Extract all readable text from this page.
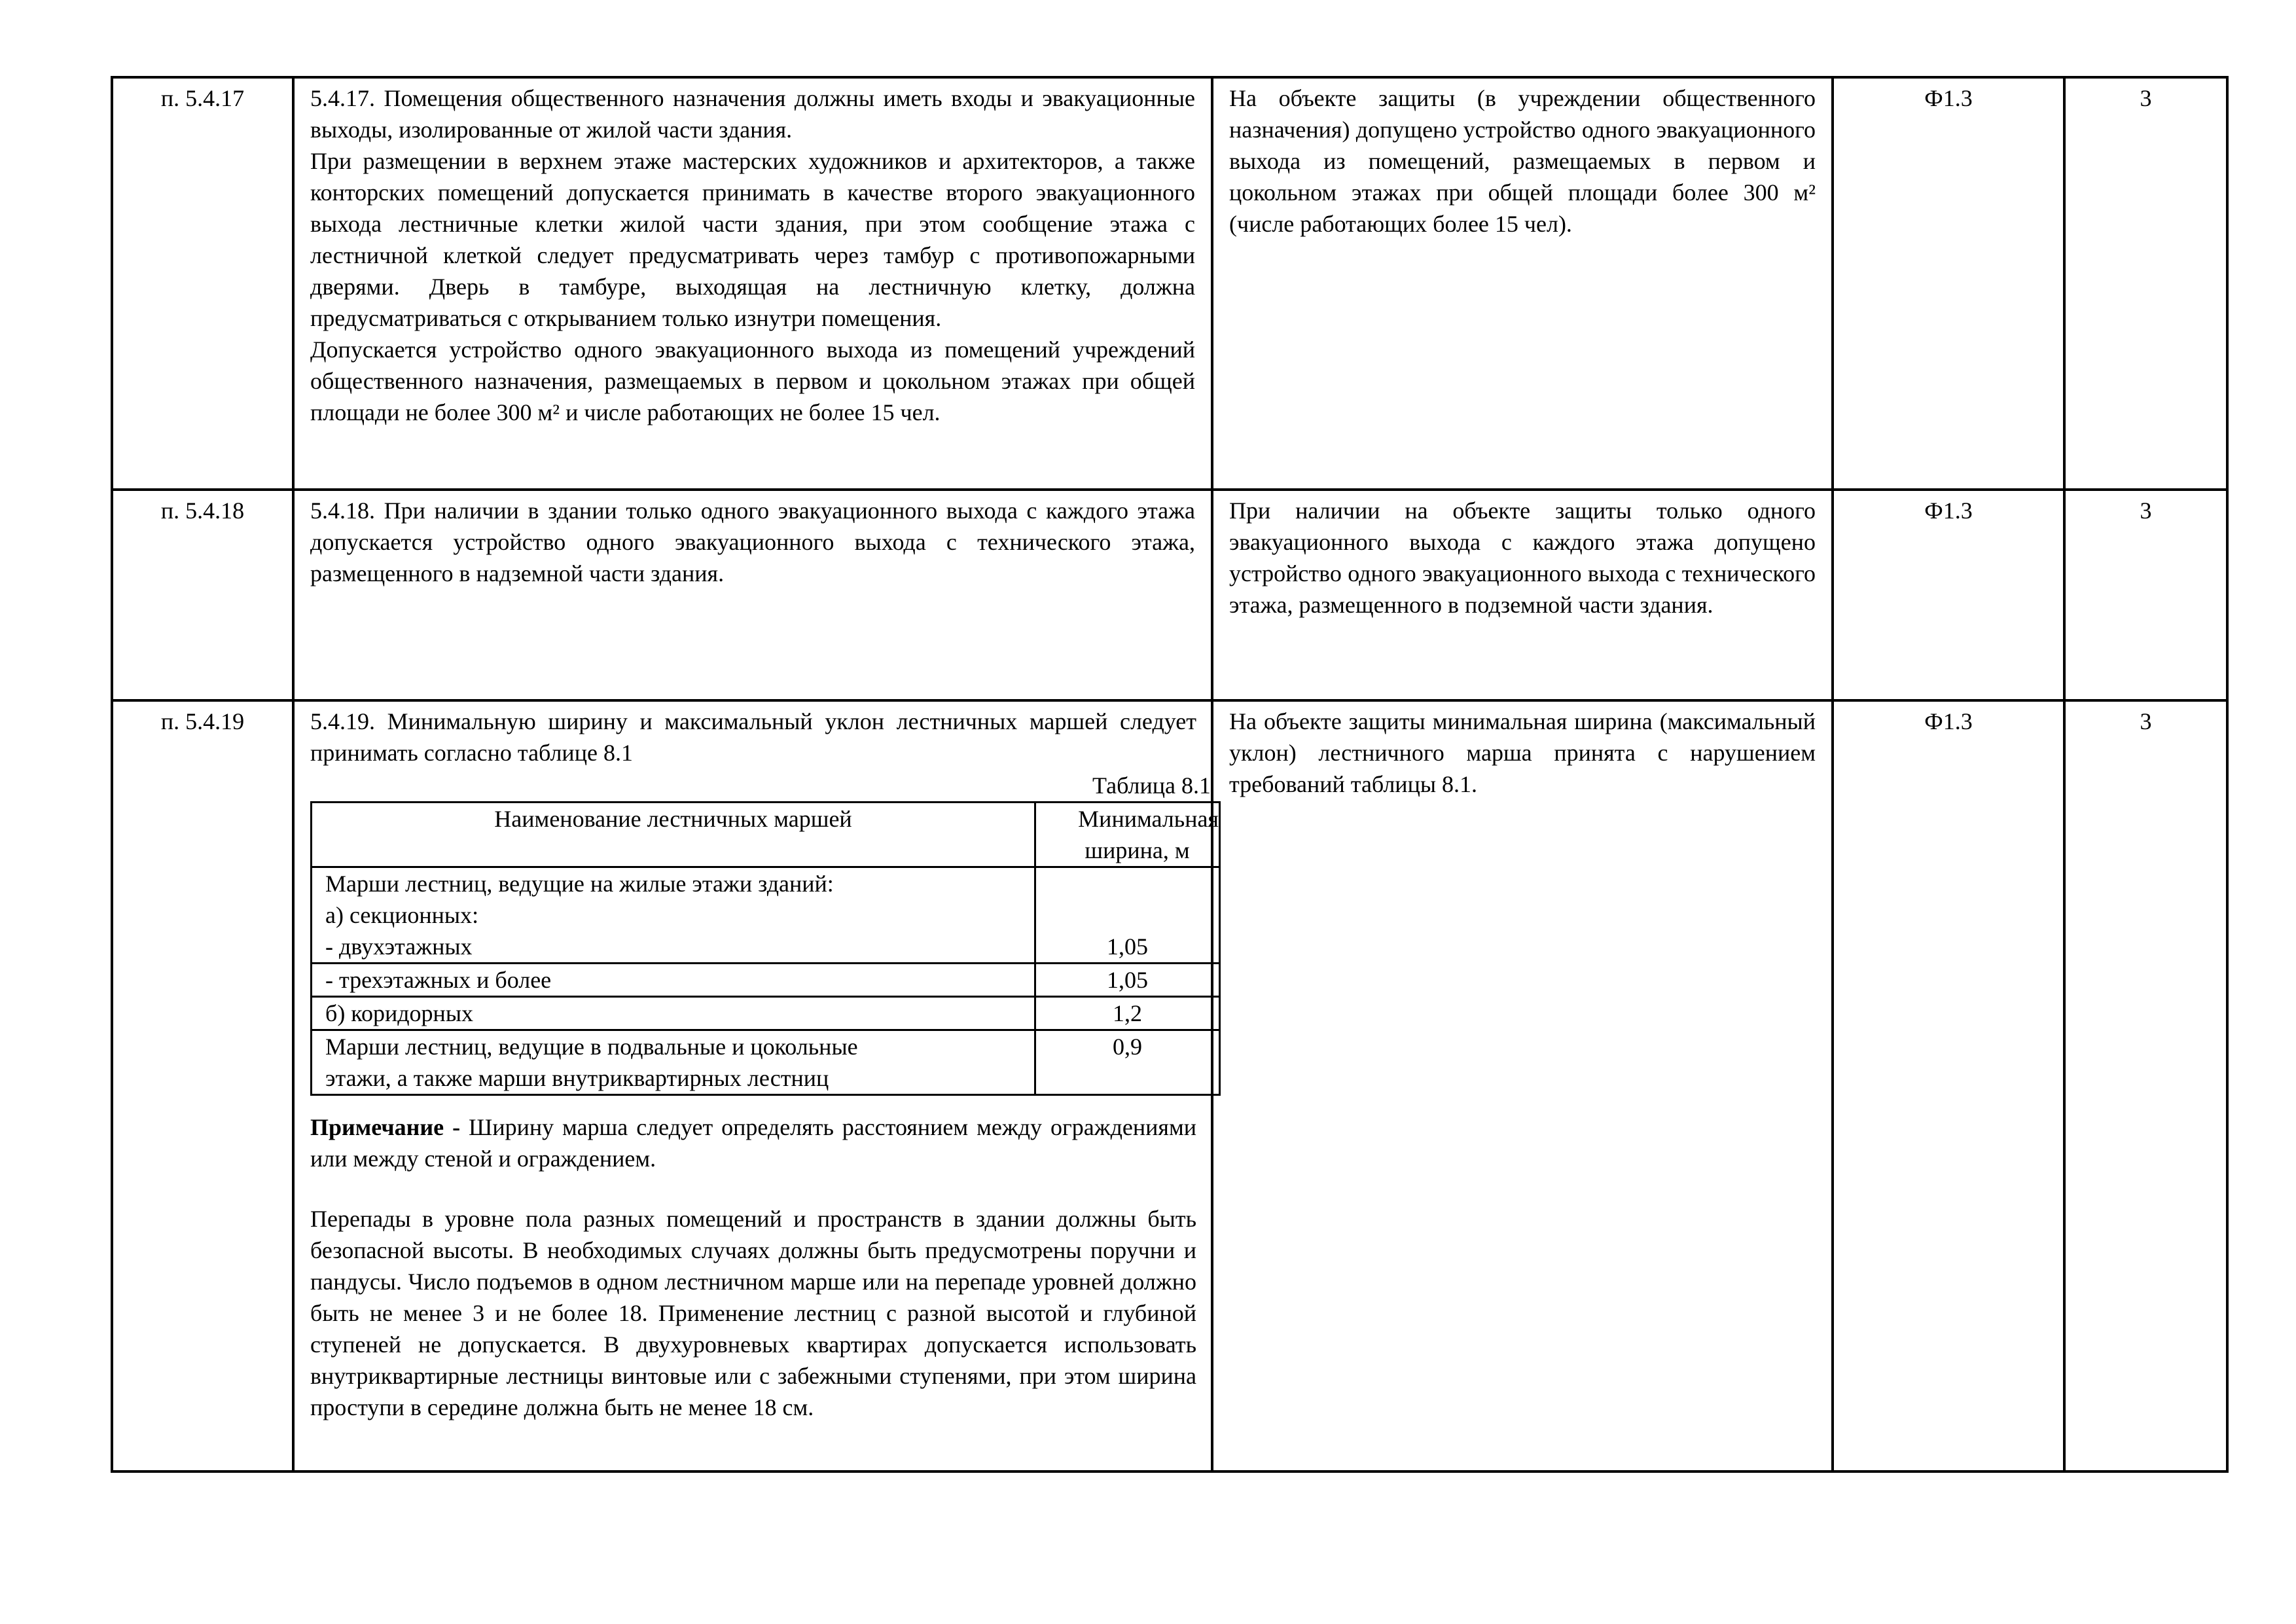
п. 5.4.17	5.4.17. Помещения общественного назначения должны иметь входы и эвакуационные выходы, изолированные от жилой части здания.
При размещении в верхнем этаже мастерских художников и архитекторов, а также конторских помещений допускается принимать в качестве второго эвакуационного выхода лестничные клетки жилой части здания, при этом сообщение этажа с лестничной клеткой следует предусматривать через тамбур с противопожарными дверями. Дверь в тамбуре, выходящая на лестничную клетку, должна предусматриваться с открыванием только изнутри помещения.
Допускается устройство одного эвакуационного выхода из помещений учреждений общественного назначения, размещаемых в первом и цокольном этажах при общей площади не более 300 м² и числе работающих не более 15 чел.
	На объекте защиты (в учреждении общественного назначения) допущено устройство одного эвакуационного выхода из помещений, размещаемых в первом и цокольном этажах при общей площади более 300 м² (числе работающих более 15 чел).	Ф1.3	3
п. 5.4.18	5.4.18. При наличии в здании только одного эвакуационного выхода с каждого этажа допускается устройство одного эвакуационного выхода с технического этажа, размещенного в надземной части здания.
	При наличии на объекте защиты только одного эвакуационного выхода с каждого этажа допущено устройство одного эвакуационного выхода с технического этажа, размещенного в подземной части здания.	Ф1.3	3
п. 5.4.19	5.4.19. Минимальную ширину и максимальный уклон лестничных маршей следует принимать согласно таблице 8.1
Таблица 8.1
Наименование лестничных маршей	Минимальная
ширина, м

Марши лестниц, ведущие на жилые этажи зданий:
а) секционных:
- двухэтажных	1,05

- трехэтажных и более	1,05

б) коридорных	1,2

Марши лестниц, ведущие в подвальные и цокольные
этажи, а также марши внутриквартирных лестниц
	0,9
Примечание - Ширину марша следует определять расстоянием между ограждениями или между стеной и ограждением.
Перепады в уровне пола разных помещений и пространств в здании должны быть безопасной высоты. В необходимых случаях должны быть предусмотрены поручни и пандусы. Число подъемов в одном лестничном марше или на перепаде уровней должно быть не менее 3 и не более 18. Применение лестниц с разной высотой и глубиной ступеней не допускается. В двухуровневых квартирах допускается использовать внутриквартирные лестницы винтовые или с забежными ступенями, при этом ширина проступи в середине должна быть не менее 18 см.
	На объекте защиты минимальная ширина (максимальный уклон) лестничного марша принята с нарушением требований таблицы 8.1.	Ф1.3	3
